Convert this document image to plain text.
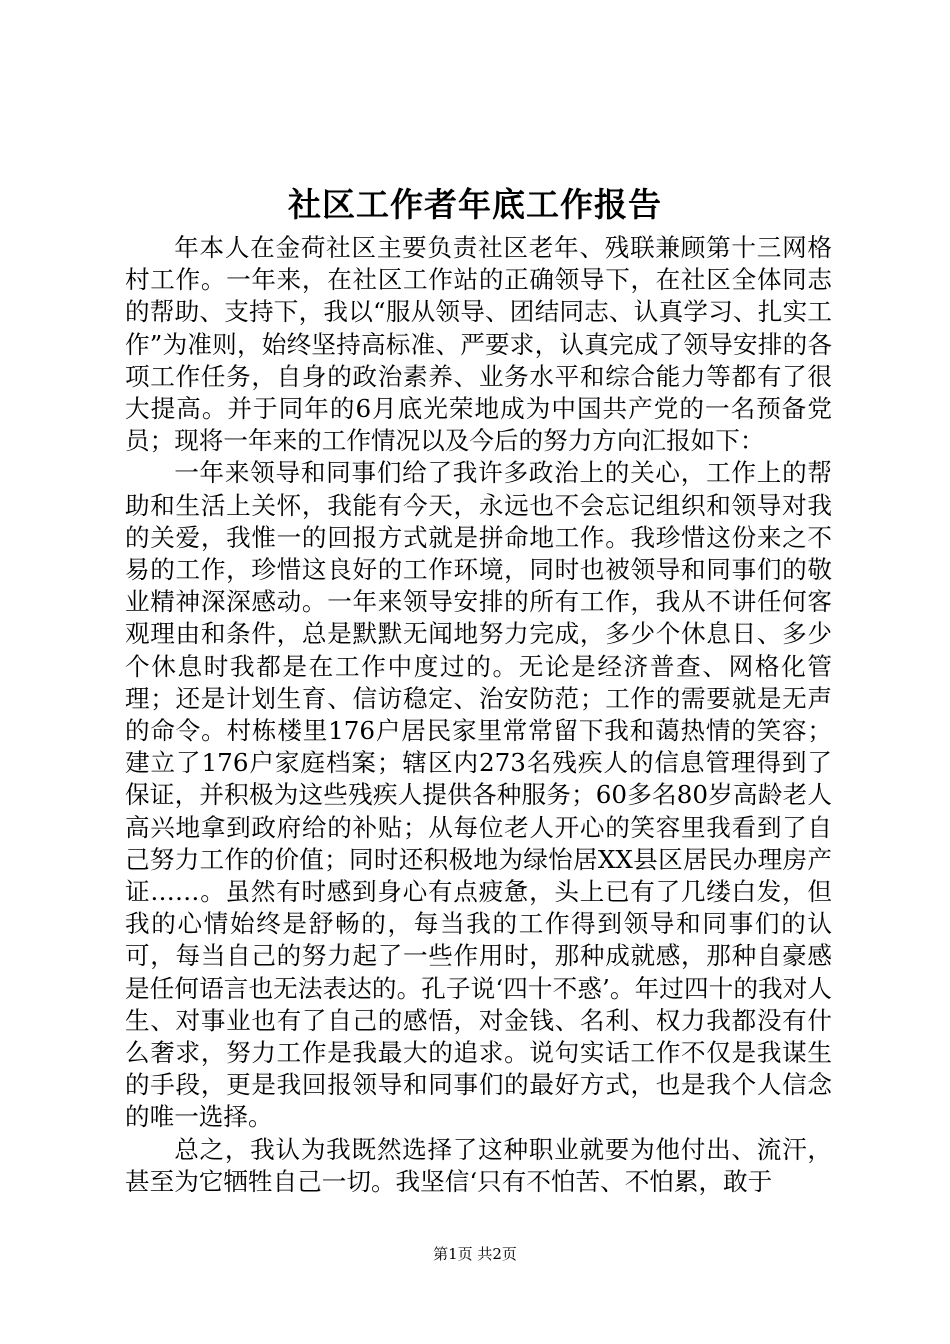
社区工作者年底工作报告

年本人在金荷社区主要负责社区老年、残联兼顾第十三网格村工作。一年来，在社区工作站的正确领导下，在社区全体同志的帮助、支持下，我以“服从领导、团结同志、认真学习、扎实工作”为准则，始终坚持高标准、严要求，认真完成了领导安排的各项工作任务，自身的政治素养、业务水平和综合能力等都有了很大提高。并于同年的6月底光荣地成为中国共产党的一名预备党员；现将一年来的工作情况以及今后的努力方向汇报如下：

一年来领导和同事们给了我许多政治上的关心，工作上的帮助和生活上关怀，我能有今天，永远也不会忘记组织和领导对我的关爱，我惟一的回报方式就是拼命地工作。我珍惜这份来之不易的工作，珍惜这良好的工作环境，同时也被领导和同事们的敬业精神深深感动。一年来领导安排的所有工作，我从不讲任何客观理由和条件，总是默默无闻地努力完成，多少个休息日、多少个休息时我都是在工作中度过的。无论是经济普查、网格化管理；还是计划生育、信访稳定、治安防范；工作的需要就是无声的命令。村栋楼里176户居民家里常常留下我和蔼热情的笑容；建立了176户家庭档案；辖区内273名残疾人的信息管理得到了保证，并积极为这些残疾人提供各种服务；60多名80岁高龄老人高兴地拿到政府给的补贴；从每位老人开心的笑容里我看到了自己努力工作的价值；同时还积极地为绿怡居XX县区居民办理房产证……。虽然有时感到身心有点疲惫，头上已有了几缕白发，但我的心情始终是舒畅的，每当我的工作得到领导和同事们的认可，每当自己的努力起了一些作用时，那种成就感，那种自豪感是任何语言也无法表达的。孔子说‘四十不惑’。年过四十的我对人生、对事业也有了自己的感悟，对金钱、名利、权力我都没有什么奢求，努力工作是我最大的追求。说句实话工作不仅是我谋生的手段，更是我回报领导和同事们的最好方式，也是我个人信念的唯一选择。

总之，我认为我既然选择了这种职业就要为他付出、流汗，甚至为它牺牲自己一切。我坚信‘只有不怕苦、不怕累，敢于

第1页 共2页
